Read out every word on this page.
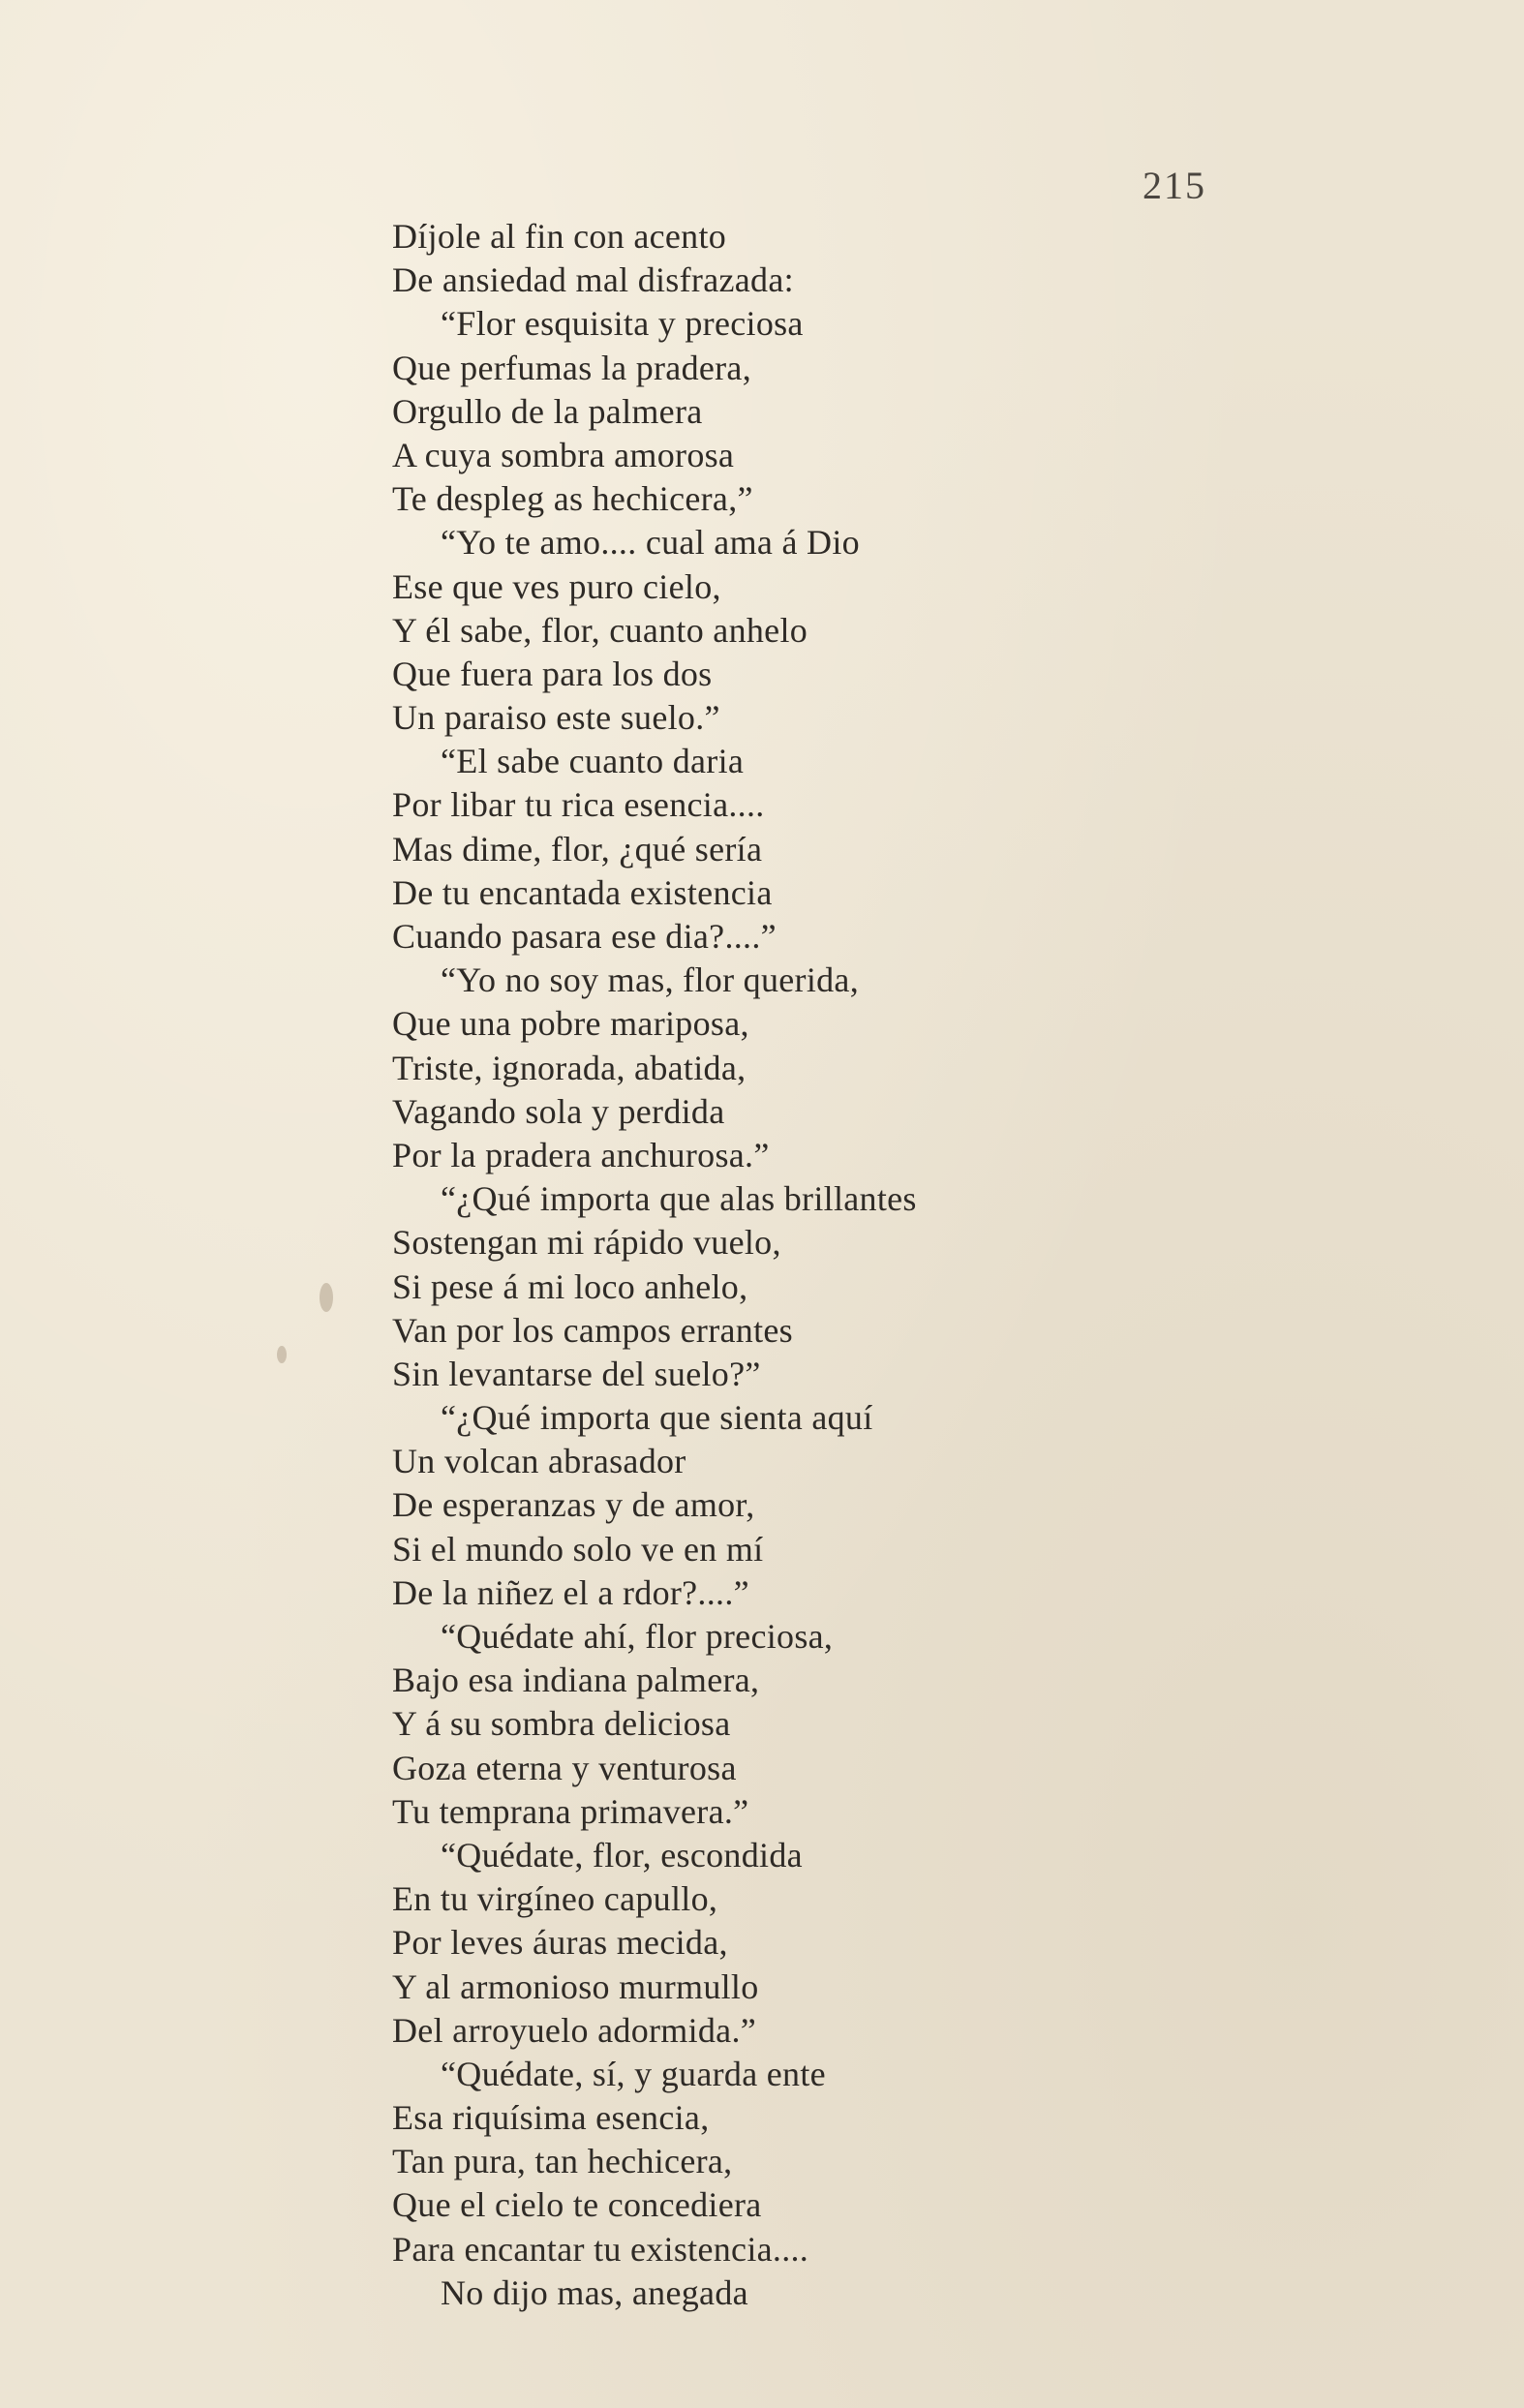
215
Díjole al fin con acento
De ansiedad mal disfrazada:
“Flor esquisita y preciosa
Que perfumas la pradera,
Orgullo de la palmera
A cuya sombra amorosa
Te despleg as hechicera,”
“Yo te amo.... cual ama á Dio
Ese que ves puro cielo,
Y él sabe, flor, cuanto anhelo
Que fuera para los dos
Un paraiso este suelo.”
“El sabe cuanto daria
Por libar tu rica esencia....
Mas dime, flor, ¿qué sería
De tu encantada existencia
Cuando pasara ese dia?....”
“Yo no soy mas, flor querida,
Que una pobre mariposa,
Triste, ignorada, abatida,
Vagando sola y perdida
Por la pradera anchurosa.”
“¿Qué importa que alas brillantes
Sostengan mi rápido vuelo,
Si pese á mi loco anhelo,
Van por los campos errantes
Sin levantarse del suelo?”
“¿Qué importa que sienta aquí
Un volcan abrasador
De esperanzas y de amor,
Si el mundo solo ve en mí
De la niñez el a rdor?....”
“Quédate ahí, flor preciosa,
Bajo esa indiana palmera,
Y á su sombra deliciosa
Goza eterna y venturosa
Tu temprana primavera.”
“Quédate, flor, escondida
En tu virgíneo capullo,
Por leves áuras mecida,
Y al armonioso murmullo
Del arroyuelo adormida.”
“Quédate, sí, y guarda ente
Esa riquísima esencia,
Tan pura, tan hechicera,
Que el cielo te concediera
Para encantar tu existencia....
No dijo mas, anegada
